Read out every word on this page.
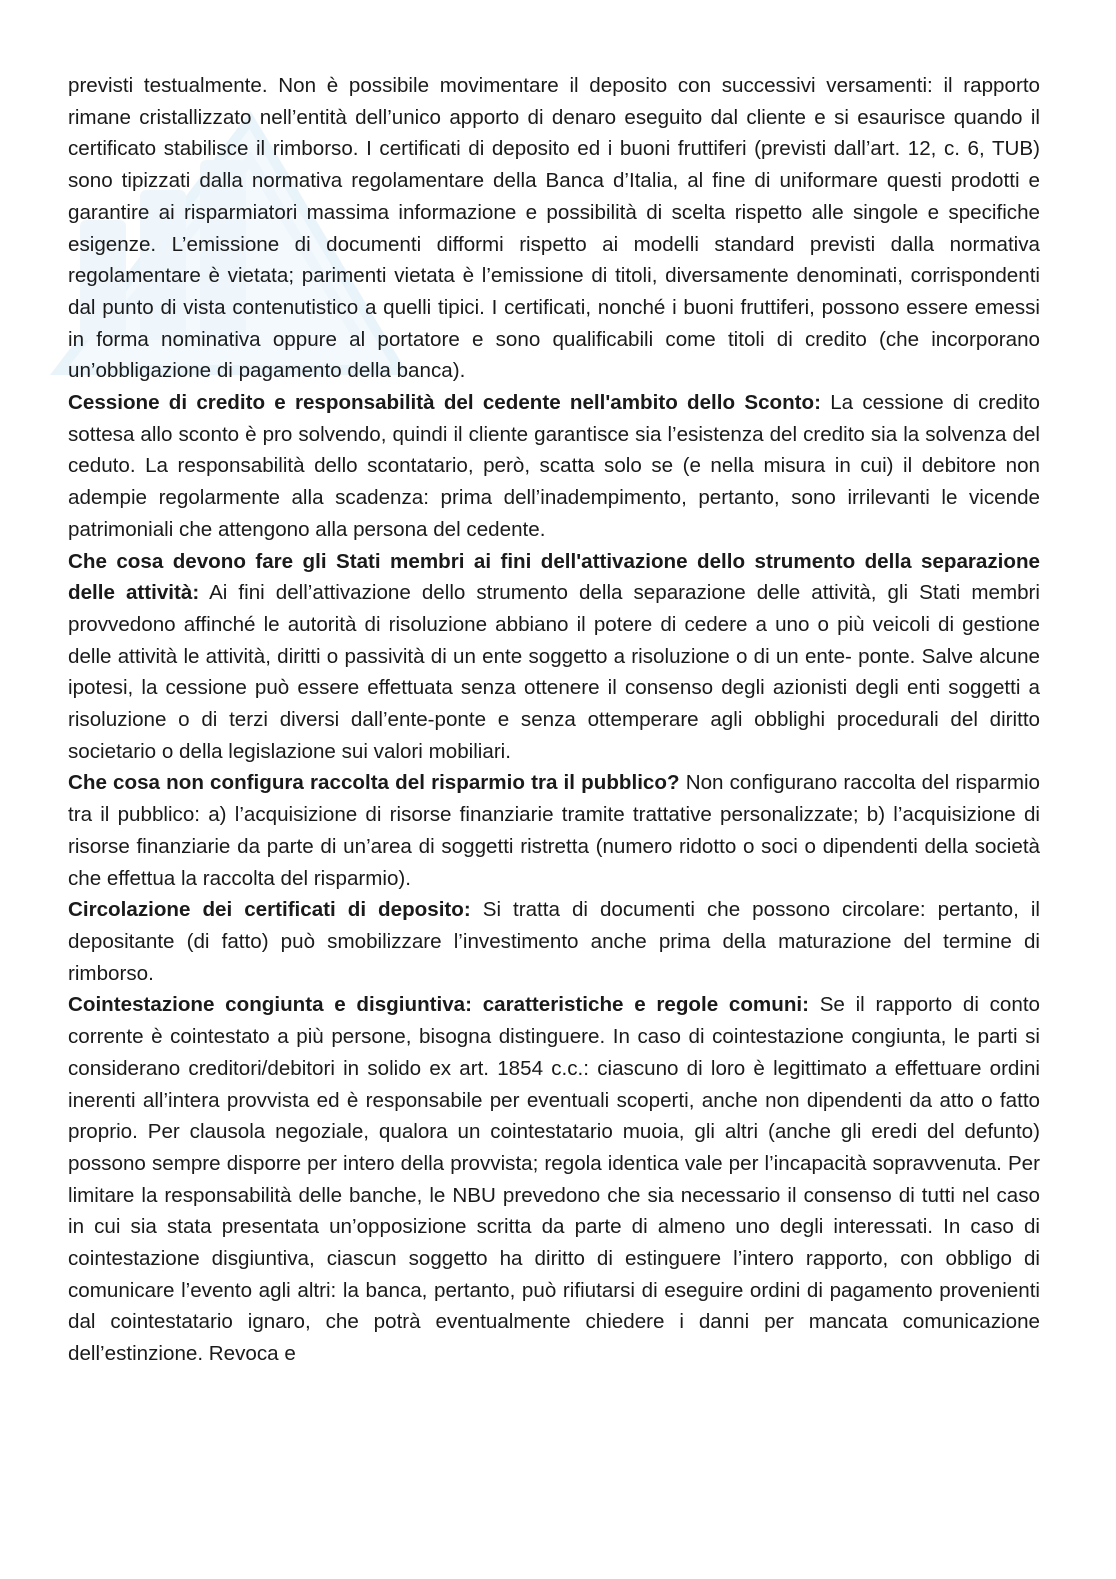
previsti testualmente. Non è possibile movimentare il deposito con successivi versamenti: il rapporto rimane cristallizzato nell’entità dell’unico apporto di denaro eseguito dal cliente e si esaurisce quando il certificato stabilisce il rimborso. I certificati di deposito ed i buoni fruttiferi (previsti dall’art. 12, c. 6, TUB) sono tipizzati dalla normativa regolamentare della Banca d’Italia, al fine di uniformare questi prodotti e garantire ai risparmiatori massima informazione e possibilità di scelta rispetto alle singole e specifiche esigenze. L’emissione di documenti difformi rispetto ai modelli standard previsti dalla normativa regolamentare è vietata; parimenti vietata è l’emissione di titoli, diversamente denominati, corrispondenti dal punto di vista contenutistico a quelli tipici. I certificati, nonché i buoni fruttiferi, possono essere emessi in forma nominativa oppure al portatore e sono qualificabili come titoli di credito (che incorporano un’obbligazione di pagamento della banca).

Cessione di credito e responsabilità del cedente nell'ambito dello Sconto: La cessione di credito sottesa allo sconto è pro solvendo, quindi il cliente garantisce sia l’esistenza del credito sia la solvenza del ceduto. La responsabilità dello scontatario, però, scatta solo se (e nella misura in cui) il debitore non adempie regolarmente alla scadenza: prima dell’inadempimento, pertanto, sono irrilevanti le vicende patrimoniali che attengono alla persona del cedente.

Che cosa devono fare gli Stati membri ai fini dell'attivazione dello strumento della separazione delle attività: Ai fini dell’attivazione dello strumento della separazione delle attività, gli Stati membri provvedono affinché le autorità di risoluzione abbiano il potere di cedere a uno o più veicoli di gestione delle attività le attività, diritti o passività di un ente soggetto a risoluzione o di un ente- ponte. Salve alcune ipotesi, la cessione può essere effettuata senza ottenere il consenso degli azionisti degli enti soggetti a risoluzione o di terzi diversi dall’ente-ponte e senza ottemperare agli obblighi procedurali del diritto societario o della legislazione sui valori mobiliari.

Che cosa non configura raccolta del risparmio tra il pubblico? Non configurano raccolta del risparmio tra il pubblico: a) l’acquisizione di risorse finanziarie tramite trattative personalizzate; b) l’acquisizione di risorse finanziarie da parte di un’area di soggetti ristretta (numero ridotto o soci o dipendenti della società che effettua la raccolta del risparmio).

Circolazione dei certificati di deposito: Si tratta di documenti che possono circolare: pertanto, il depositante (di fatto) può smobilizzare l’investimento anche prima della maturazione del termine di rimborso.

Cointestazione congiunta e disgiuntiva: caratteristiche e regole comuni: Se il rapporto di conto corrente è cointestato a più persone, bisogna distinguere. In caso di cointestazione congiunta, le parti si considerano creditori/debitori in solido ex art. 1854 c.c.: ciascuno di loro è legittimato a effettuare ordini inerenti all’intera provvista ed è responsabile per eventuali scoperti, anche non dipendenti da atto o fatto proprio. Per clausola negoziale, qualora un cointestatario muoia, gli altri (anche gli eredi del defunto) possono sempre disporre per intero della provvista; regola identica vale per l’incapacità sopravvenuta. Per limitare la responsabilità delle banche, le NBU prevedono che sia necessario il consenso di tutti nel caso in cui sia stata presentata un’opposizione scritta da parte di almeno uno degli interessati. In caso di cointestazione disgiuntiva, ciascun soggetto ha diritto di estinguere l’intero rapporto, con obbligo di comunicare l’evento agli altri: la banca, pertanto, può rifiutarsi di eseguire ordini di pagamento provenienti dal cointestatario ignaro, che potrà eventualmente chiedere i danni per mancata comunicazione dell’estinzione. Revoca e
